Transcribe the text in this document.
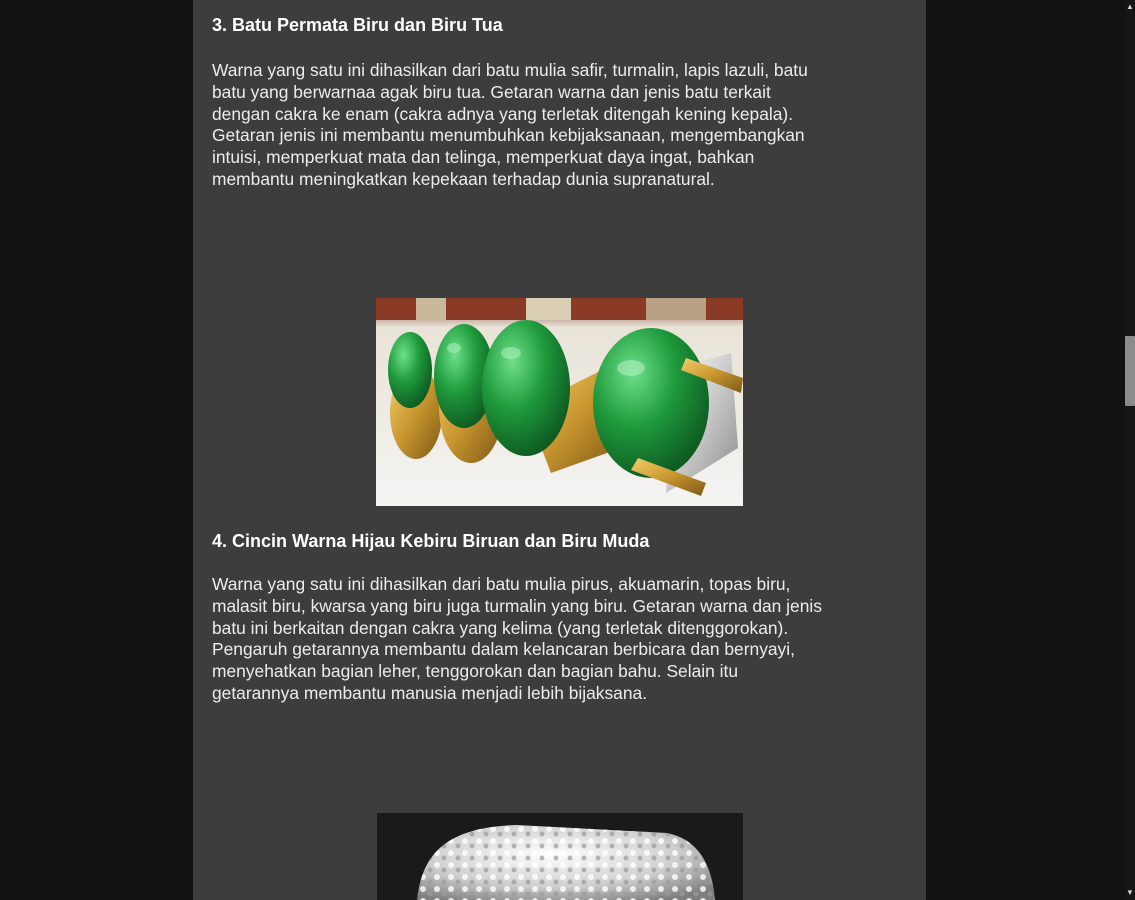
3. Batu Permata Biru dan Biru Tua
Warna yang satu ini dihasilkan dari batu mulia safir, turmalin, lapis lazuli, batu
batu yang berwarnaa agak biru tua. Getaran warna dan jenis batu terkait
dengan cakra ke enam (cakra adnya yang terletak ditengah kening kepala).
Getaran jenis ini membantu menumbuhkan kebijaksanaan, mengembangkan
intuisi, memperkuat mata dan telinga, memperkuat daya ingat, bahkan
membantu meningkatkan kepekaan terhadap dunia supranatural.
4. Cincin Warna Hijau Kebiru Biruan dan Biru Muda
Warna yang satu ini dihasilkan dari batu mulia pirus, akuamarin, topas biru,
malasit biru, kwarsa yang biru juga turmalin yang biru. Getaran warna dan jenis
batu ini berkaitan dengan cakra yang kelima (yang terletak ditenggorokan).
Pengaruh getarannya membantu dalam kelancaran berbicara dan bernyayi,
menyehatkan bagian leher, tenggorokan dan bagian bahu. Selain itu
getarannya membantu manusia menjadi lebih bijaksana.
▲
▼
